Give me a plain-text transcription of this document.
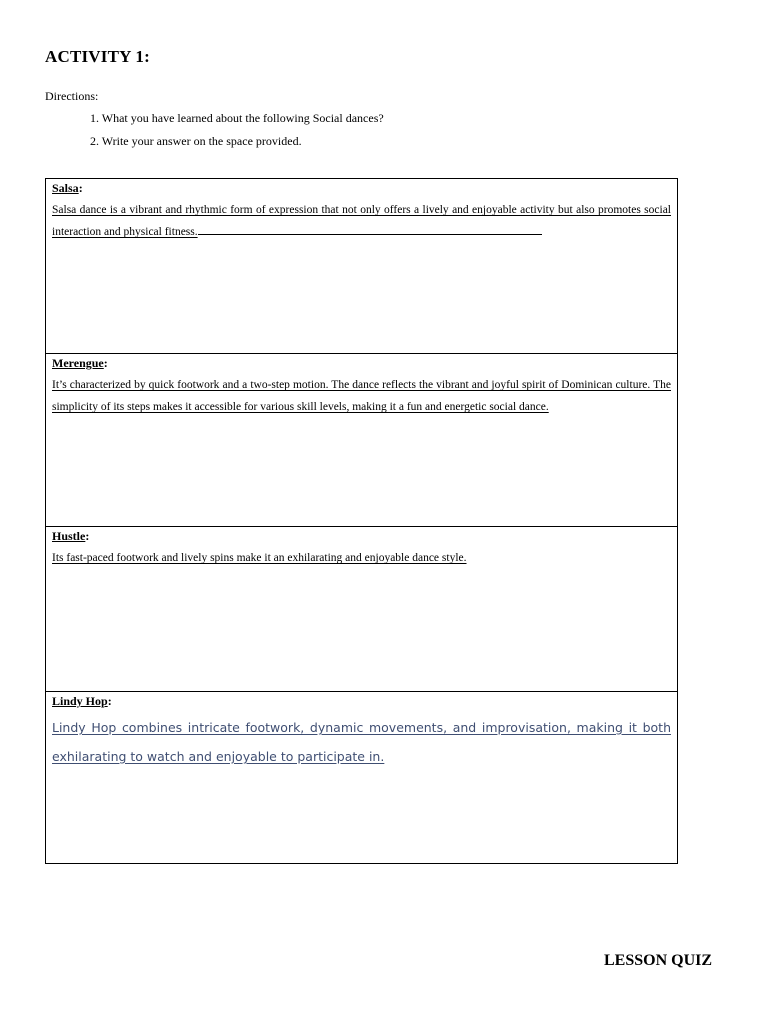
ACTIVITY 1:
Directions:
1. What you have learned about the following Social dances?
2. Write your answer on the space provided.
Salsa:
Salsa dance is a vibrant and rhythmic form of expression that not only offers a lively and enjoyable activity but also promotes social interaction and physical fitness.
Merengue:
It’s characterized by quick footwork and a two-step motion. The dance reflects the vibrant and joyful spirit of Dominican culture. The simplicity of its steps makes it accessible for various skill levels, making it a fun and energetic social dance.
Hustle:
Its fast-paced footwork and lively spins make it an exhilarating and enjoyable dance style.
Lindy Hop:
Lindy Hop combines intricate footwork, dynamic movements, and improvisation, making it both exhilarating to watch and enjoyable to participate in.
LESSON QUIZ
